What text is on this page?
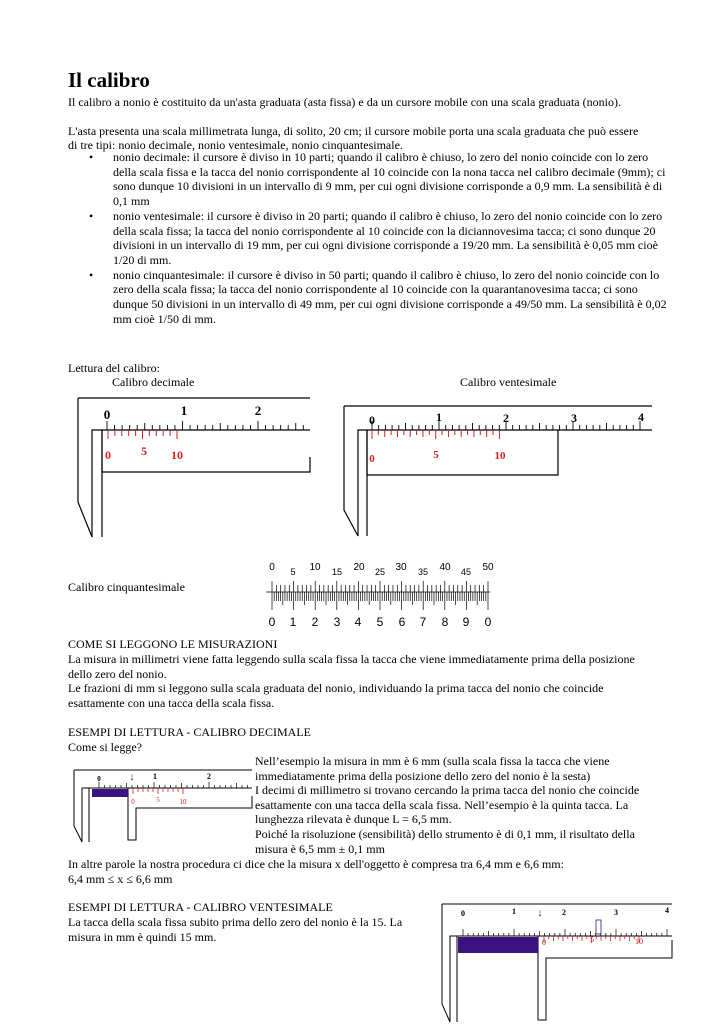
Il calibro
Il calibro a nonio è costituito da un'asta graduata (asta fissa) e da un cursore mobile con una scala graduata (nonio).
L'asta presenta una scala millimetrata lunga, di solito, 20 cm; il cursore mobile porta una scala graduata che può essere
di tre tipi: nonio decimale, nonio ventesimale, nonio cinquantesimale.
• nonio decimale: il cursore è diviso in 10 parti; quando il calibro è chiuso, lo zero del nonio coincide con lo zero della scala fissa e la tacca del nonio corrispondente al 10 coincide con la nona tacca nel calibro decimale (9mm); ci sono dunque 10 divisioni in un intervallo di 9 mm, per cui ogni divisione corrisponde a 0,9 mm. La sensibilità è di 0,1 mm
• nonio ventesimale: il cursore è diviso in 20 parti; quando il calibro è chiuso, lo zero del nonio coincide con lo zero della scala fissa; la tacca del nonio corrispondente al 10 coincide con la diciannovesima tacca; ci sono dunque 20 divisioni in un intervallo di 19 mm, per cui ogni divisione corrisponde a 19/20 mm. La sensibilità è 0,05 mm cioè 1/20 di mm.
• nonio cinquantesimale: il cursore è diviso in 50 parti; quando il calibro è chiuso, lo zero del nonio coincide con lo zero della scala fissa; la tacca del nonio corrispondente al 10 coincide con la quarantanovesima tacca; ci sono dunque 50 divisioni in un intervallo di 49 mm, per cui ogni divisione corrisponde a 49/50 mm. La sensibilità è 0,02 mm cioè 1/50 di mm.
Lettura del calibro:
Calibro decimale	Calibro ventesimale
Calibro cinquantesimale
0	1	2
0	5 10
0	1	2	3	4
0	5	10
0 5 10 15 20 25 30 35 40 45 50
0 1 2 3 4 5 6 7 8 9 0
COME SI LEGGONO LE MISURAZIONI
La misura in millimetri viene fatta leggendo sulla scala fissa la tacca che viene immediatamente prima della posizione
dello zero del nonio.
Le frazioni di mm si leggono sulla scala graduata del nonio, individuando la prima tacca del nonio che coincide
esattamente con una tacca della scala fissa.
ESEMPI DI LETTURA - CALIBRO DECIMALE
Come si legge?
0	1	2
↓
0	5	10
Nell’esempio la misura in mm è 6 mm (sulla scala fissa la tacca che viene
immediatamente prima della posizione dello zero del nonio è la sesta)
I decimi di millimetro si trovano cercando la prima tacca del nonio che coincide
esattamente con una tacca della scala fissa. Nell’esempio è la quinta tacca. La
lunghezza rilevata è dunque L = 6,5 mm.
Poiché la risoluzione (sensibilità) dello strumento è di 0,1 mm, il risultato della
misura è 6,5 mm ± 0,1 mm
In altre parole la nostra procedura ci dice che la misura x dell'oggetto è compresa tra 6,4 mm e 6,6 mm:
6,4 mm ≤ x ≤ 6,6 mm
ESEMPI DI LETTURA - CALIBRO VENTESIMALE
La tacca della scala fissa subito prima dello zero del nonio è la 15. La
misura in mm è quindi 15 mm.
0	1	2	3	4
↓
0	5	10
